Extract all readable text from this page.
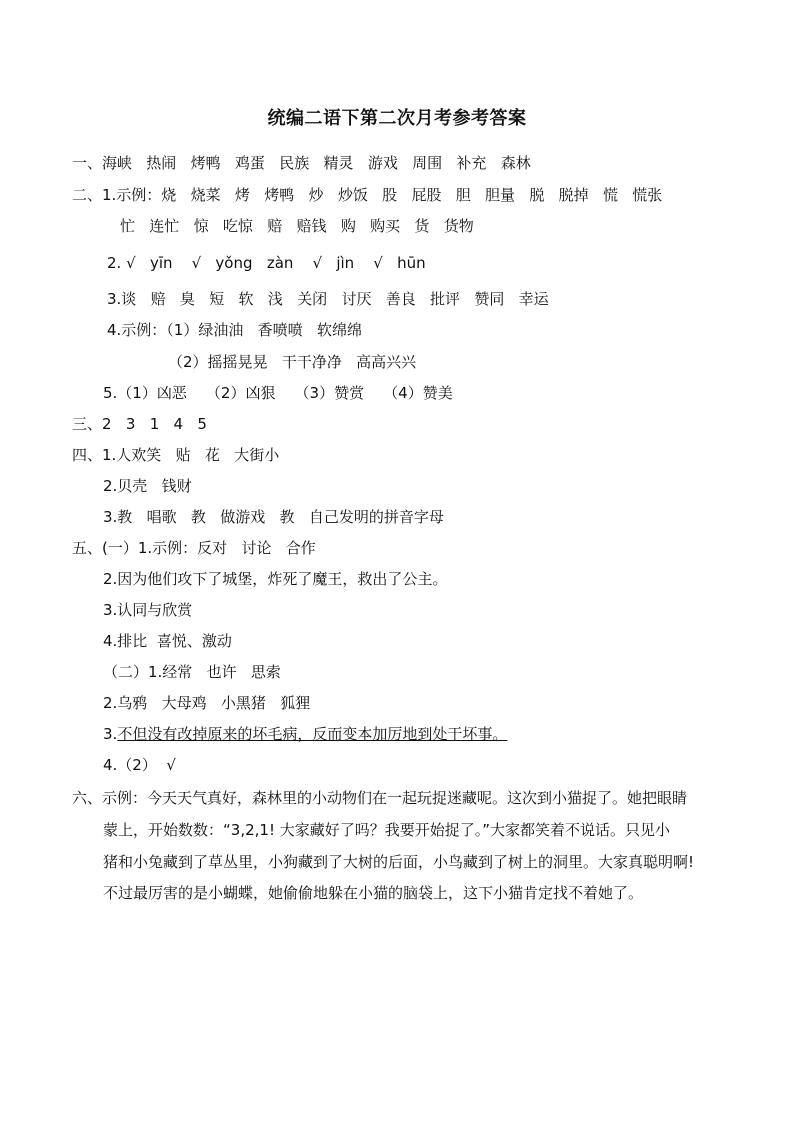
统编二语下第二次月考参考答案
一、海峡   热闹   烤鸭   鸡蛋   民族   精灵   游戏   周围   补充   森林
二、1.示例：烧   烧菜   烤   烤鸭   炒   炒饭   股   屁股   胆   胆量   脱   脱掉   慌   慌张
忙   连忙   惊   吃惊   赔   赔钱   购   购买   货   货物
2. √   yīn    √   yǒng   zàn    √   jìn    √   hūn
3.谈   赔   臭   短   软   浅   关闭   讨厌   善良   批评   赞同   幸运
4.示例：（1）绿油油   香喷喷   软绵绵
（2）摇摇晃晃   干干净净   高高兴兴
5.（1）凶恶    （2）凶狠    （3）赞赏    （4）赞美
三、2   3   1   4   5
四、1.人欢笑   贴   花   大街小
2.贝壳   钱财
3.教   唱歌   教   做游戏   教   自己发明的拼音字母
五、(一）1.示例：反对   讨论   合作
2.因为他们攻下了城堡，炸死了魔王，救出了公主。
3.认同与欣赏
4.排比  喜悦、激动
（二）1.经常   也许   思索
2.乌鸦   大母鸡   小黑猪   狐狸
3.不但没有改掉原来的坏毛病，反而变本加厉地到处干坏事。
4.（2）  √
六、示例：今天天气真好，森林里的小动物们在一起玩捉迷藏呢。这次到小猫捉了。她把眼睛
蒙上，开始数数：“3,2,1! 大家藏好了吗？我要开始捉了。”大家都笑着不说话。只见小
猪和小兔藏到了草丛里，小狗藏到了大树的后面，小鸟藏到了树上的洞里。大家真聪明啊!
不过最厉害的是小蝴蝶，她偷偷地躲在小猫的脑袋上，这下小猫肯定找不着她了。
